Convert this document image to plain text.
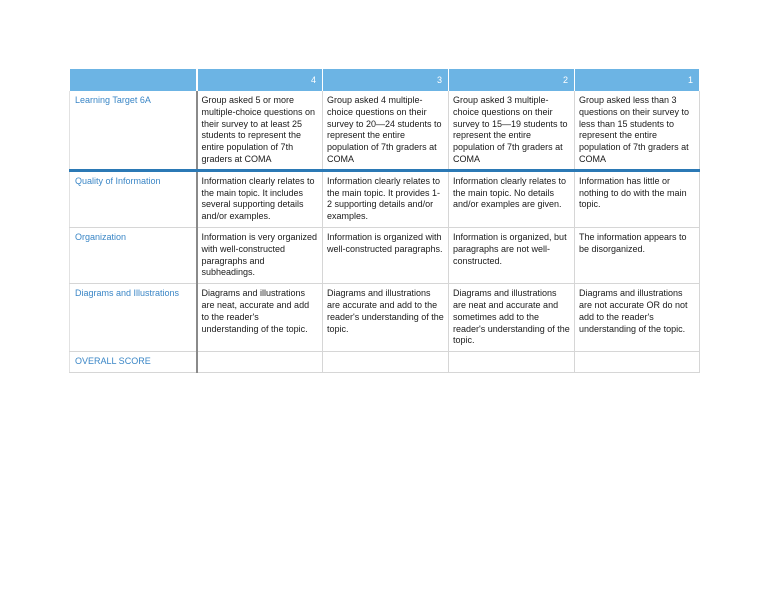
	4	3	2	1
Learning Target 6A	Group asked 5 or more multiple-choice questions on their survey to at least 25 students to represent the entire population of 7th graders at COMA	Group asked 4 multiple-choice questions on their survey to 20—24 students to represent the entire population of 7th graders at COMA	Group asked 3 multiple-choice questions on their survey to 15—19 students to represent the entire population of 7th graders at COMA	Group asked less than 3 questions on their survey to less than 15 students to represent the entire population of 7th graders at COMA
Quality of Information	Information clearly relates to the main topic. It includes several supporting details and/or examples.	Information clearly relates to the main topic. It provides 1-2 supporting details and/or examples.	Information clearly relates to the main topic. No details and/or examples are given.	Information has little or nothing to do with the main topic.
Organization	Information is very organized with well-constructed paragraphs and subheadings.	Information is organized with well-constructed paragraphs.	Information is organized, but paragraphs are not well-constructed.	The information appears to be disorganized.
Diagrams and Illustrations	Diagrams and illustrations are neat, accurate and add to the reader's understanding of the topic.	Diagrams and illustrations are accurate and add to the reader's understanding of the topic.	Diagrams and illustrations are neat and accurate and sometimes add to the reader's understanding of the topic.	Diagrams and illustrations are not accurate OR do not add to the reader's understanding of the topic.
OVERALL SCORE				
